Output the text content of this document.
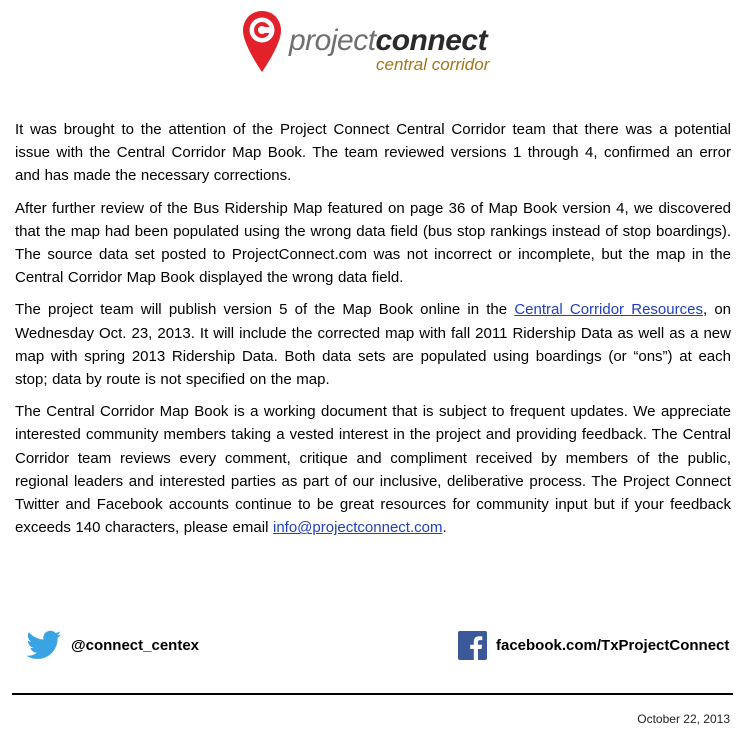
projectconnect
central corridor

It was brought to the attention of the Project Connect Central Corridor team that there was a potential issue with the Central Corridor Map Book. The team reviewed versions 1 through 4, confirmed an error and has made the necessary corrections.

After further review of the Bus Ridership Map featured on page 36 of Map Book version 4, we discovered that the map had been populated using the wrong data field (bus stop rankings instead of stop boardings). The source data set posted to ProjectConnect.com was not incorrect or incomplete, but the map in the Central Corridor Map Book displayed the wrong data field.

The project team will publish version 5 of the Map Book online in the Central Corridor Resources, on Wednesday Oct. 23, 2013. It will include the corrected map with fall 2011 Ridership Data as well as a new map with spring 2013 Ridership Data. Both data sets are populated using boardings (or “ons”) at each stop; data by route is not specified on the map.

The Central Corridor Map Book is a working document that is subject to frequent updates. We appreciate interested community members taking a vested interest in the project and providing feedback. The Central Corridor team reviews every comment, critique and compliment received by members of the public, regional leaders and interested parties as part of our inclusive, deliberative process. The Project Connect Twitter and Facebook accounts continue to be great resources for community input but if your feedback exceeds 140 characters, please email info@projectconnect.com.

@connect_centex	facebook.com/TxProjectConnect
October 22, 2013
